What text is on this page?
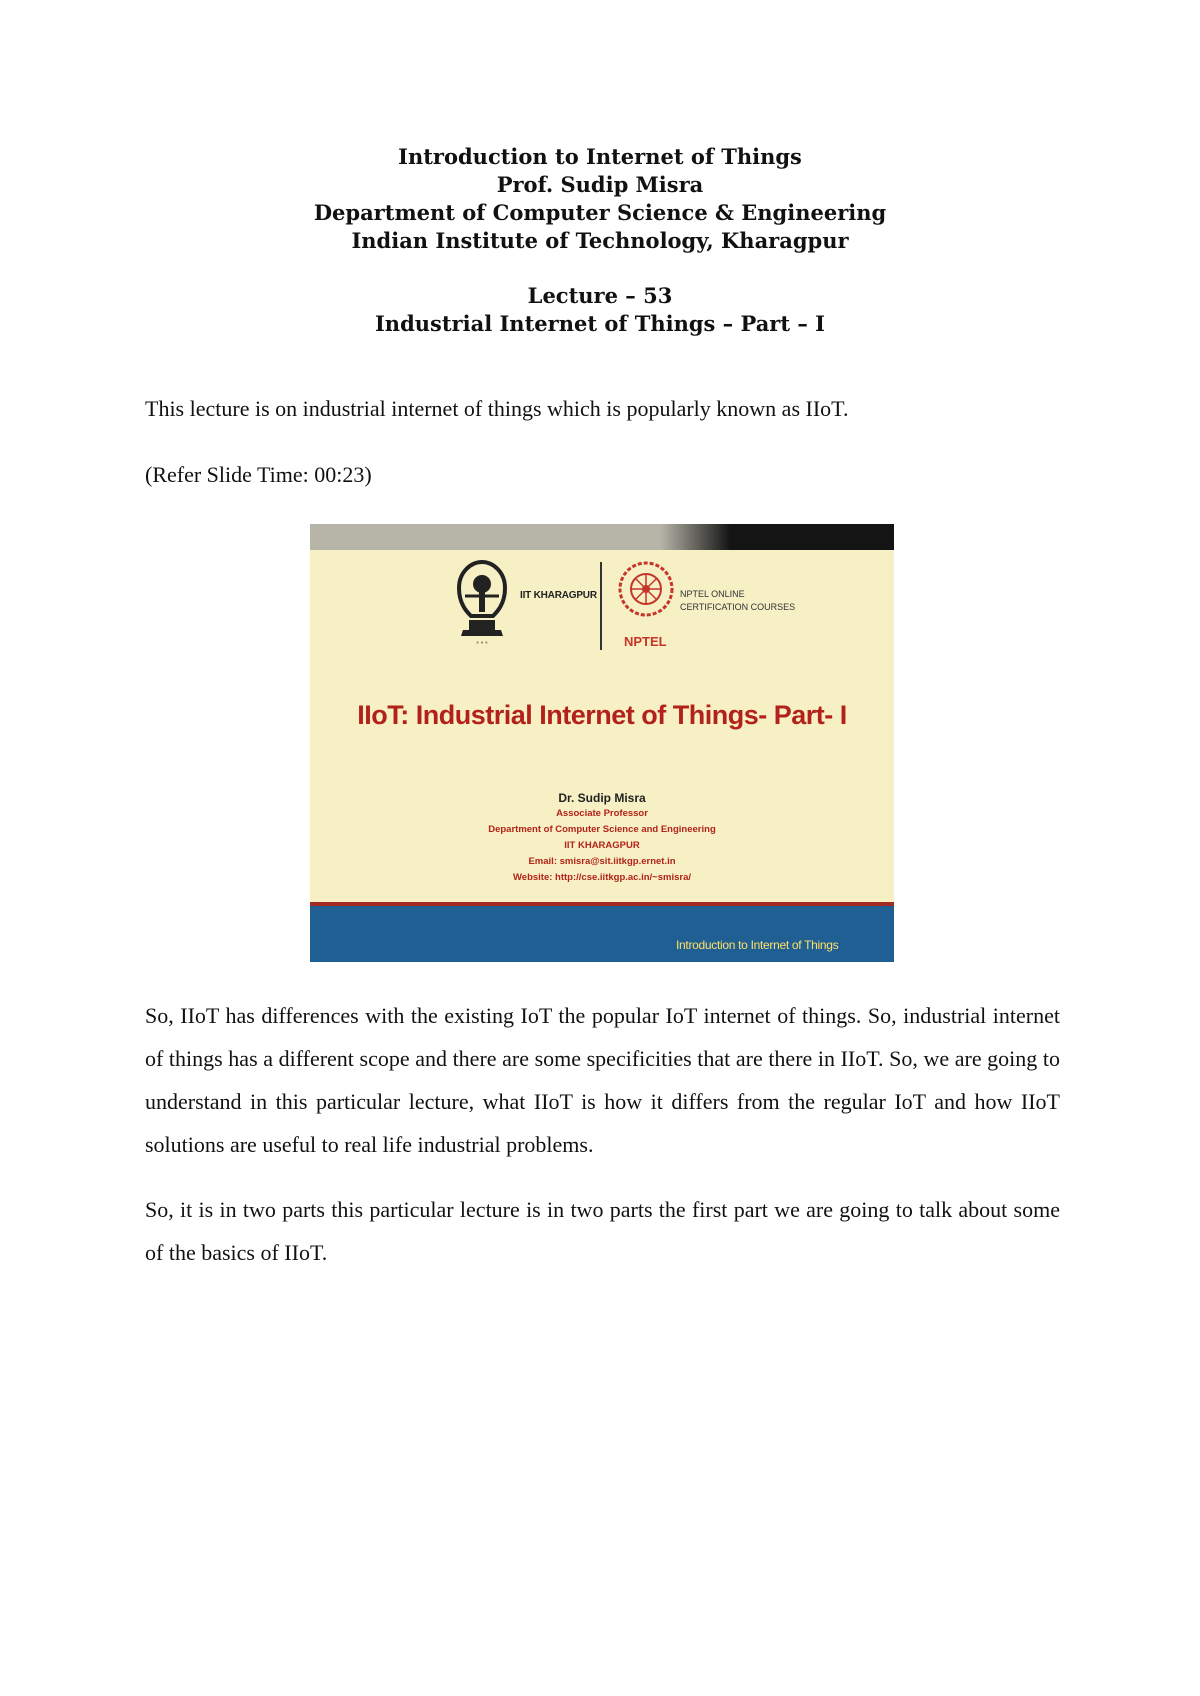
Introduction to Internet of Things
Prof. Sudip Misra
Department of Computer Science & Engineering
Indian Institute of Technology, Kharagpur
Lecture – 53
Industrial Internet of Things – Part – I
This lecture is on industrial internet of things which is popularly known as IIoT.
(Refer Slide Time: 00:23)
॰ ॰ ॰
IIT KHARAGPUR	NPTEL ONLINE
CERTIFICATION COURSES
NPTEL
IIoT: Industrial Internet of Things- Part- I
Dr. Sudip Misra
Associate Professor
Department of Computer Science and Engineering
IIT KHARAGPUR
Email: smisra@sit.iitkgp.ernet.in
Website: http://cse.iitkgp.ac.in/~smisra/
Introduction to Internet of Things
So, IIoT has differences with the existing IoT the popular IoT internet of things. So, industrial internet of things has a different scope and there are some specificities that are there in IIoT. So, we are going to understand in this particular lecture, what IIoT is how it differs from the regular IoT and how IIoT solutions are useful to real life industrial problems.
So, it is in two parts this particular lecture is in two parts the first part we are going to talk about some of the basics of IIoT.
